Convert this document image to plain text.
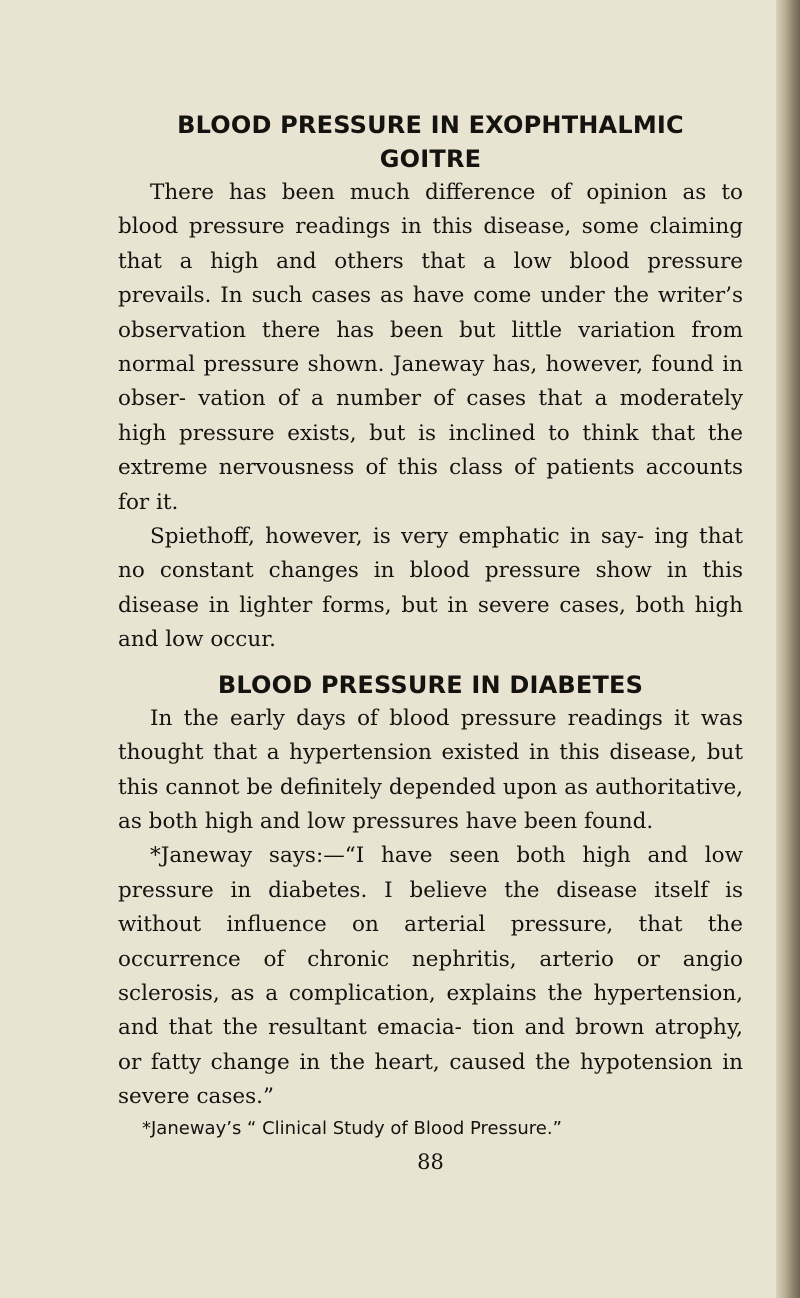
BLOOD PRESSURE IN EXOPHTHALMIC
GOITRE

There has been much difference of opinion as to blood pressure readings in this disease, some claiming that a high and others that a low blood pressure prevails. In such cases as have come under the writer’s observation there has been but little variation from normal pressure shown. Janeway has, however, found in obser- vation of a number of cases that a moderately high pressure exists, but is inclined to think that the extreme nervousness of this class of patients accounts for it.

Spiethoff, however, is very emphatic in say- ing that no constant changes in blood pressure show in this disease in lighter forms, but in severe cases, both high and low occur.

BLOOD PRESSURE IN DIABETES

In the early days of blood pressure readings it was thought that a hypertension existed in this disease, but this cannot be definitely depended upon as authoritative, as both high and low pressures have been found.

*Janeway says:—“I have seen both high and low pressure in diabetes. I believe the disease itself is without influence on arterial pressure, that the occurrence of chronic nephritis, arterio or angio sclerosis, as a complication, explains the hypertension, and that the resultant emacia- tion and brown atrophy, or fatty change in the heart, caused the hypotension in severe cases.”

*Janeway’s “ Clinical Study of Blood Pressure.”

88
